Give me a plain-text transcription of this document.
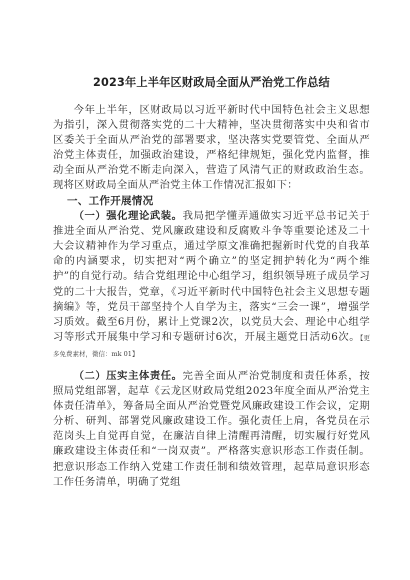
2023年上半年区财政局全面从严治党工作总结

今年上半年，区财政局以习近平新时代中国特色社会主义思想为指引，深入贯彻落实党的二十大精神，坚决贯彻落实中央和省市区委关于全面从严治党的部署要求，坚决落实党要管党、全面从严治党主体责任，加强政治建设，严格纪律规矩，强化党内监督，推动全面从严治党不断走向深入，营造了风清气正的财政政治生态。现将区财政局全面从严治党主体工作情况汇报如下：

一、工作开展情况

（一）强化理论武装。我局把学懂弄通做实习近平总书记关于推进全面从严治党、党风廉政建设和反腐败斗争等重要论述及二十大会议精神作为学习重点，通过学原文准确把握新时代党的自我革命的内涵要求，切实把对“两个确立”的坚定拥护转化为“两个维护”的自觉行动。结合党组理论中心组学习，组织领导班子成员学习党的二十大报告，党章，《习近平新时代中国特色社会主义思想专题摘编》等，党员干部坚持个人自学为主，落实“三会一课”，增强学习质效。截至6月份，累计上党课2次，以党员大会、理论中心组学习等形式开展集中学习和专题研讨6次，开展主题党日活动6次。【更多免费素材，微信：mk 01】

（二）压实主体责任。完善全面从严治党制度和责任体系，按照局党组部署，起草《云龙区财政局党组2023年度全面从严治党主体责任清单》，筹备局全面从严治党暨党风廉政建设工作会议，定期分析、研判、部署党风廉政建设工作。强化责任上肩，各党员在示范岗头上自觉再自觉，在廉洁自律上清醒再清醒，切实履行好党风廉政建设主体责任和“一岗双责”。严格落实意识形态工作责任制。把意识形态工作纳入党建工作责任制和绩效管理，起草局意识形态工作任务清单，明确了党组
